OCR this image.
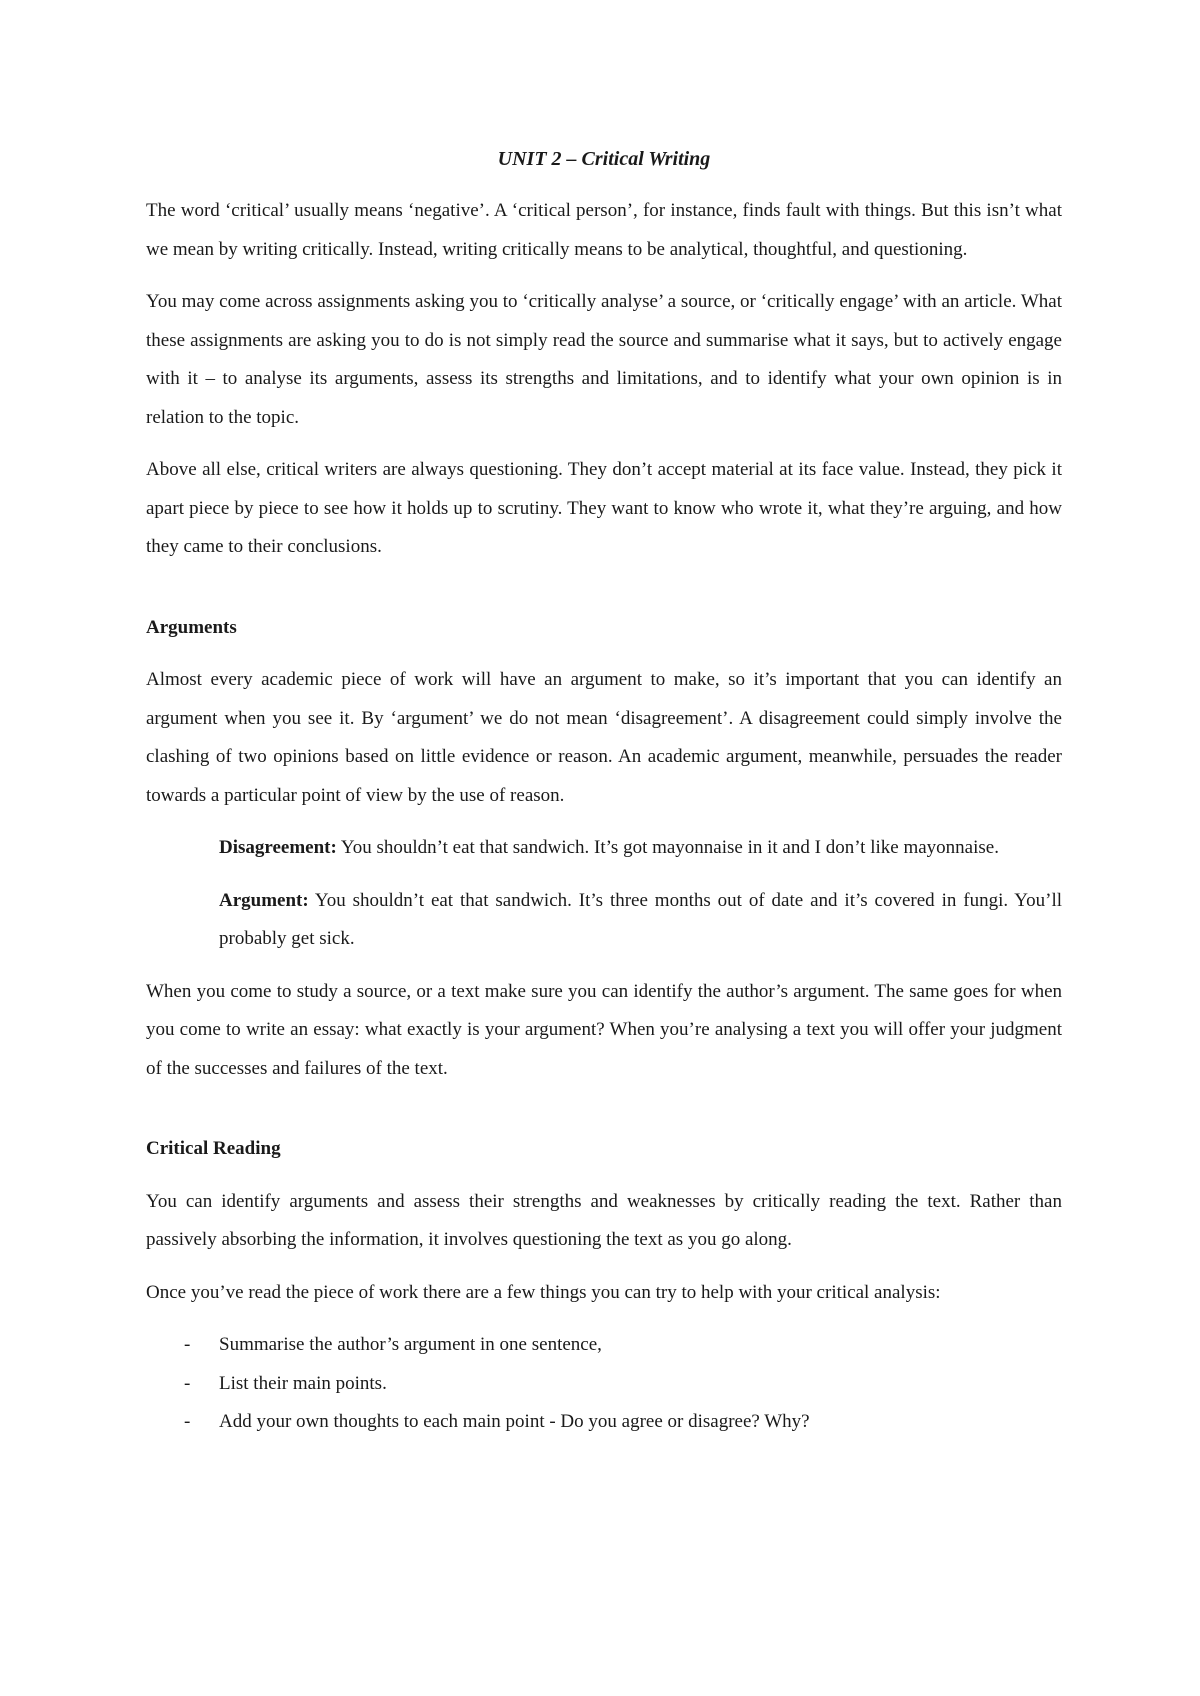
UNIT 2 – Critical Writing

The word ‘critical’ usually means ‘negative’. A ‘critical person’, for instance, finds fault with things. But this isn’t what we mean by writing critically. Instead, writing critically means to be analytical, thoughtful, and questioning.

You may come across assignments asking you to ‘critically analyse’ a source, or ‘critically engage’ with an article. What these assignments are asking you to do is not simply read the source and summarise what it says, but to actively engage with it – to analyse its arguments, assess its strengths and limitations, and to identify what your own opinion is in relation to the topic.

Above all else, critical writers are always questioning. They don’t accept material at its face value. Instead, they pick it apart piece by piece to see how it holds up to scrutiny. They want to know who wrote it, what they’re arguing, and how they came to their conclusions.

Arguments

Almost every academic piece of work will have an argument to make, so it’s important that you can identify an argument when you see it. By ‘argument’ we do not mean ‘disagreement’. A disagreement could simply involve the clashing of two opinions based on little evidence or reason. An academic argument, meanwhile, persuades the reader towards a particular point of view by the use of reason.

Disagreement: You shouldn’t eat that sandwich. It’s got mayonnaise in it and I don’t like mayonnaise.

Argument: You shouldn’t eat that sandwich. It’s three months out of date and it’s covered in fungi. You’ll probably get sick.

When you come to study a source, or a text make sure you can identify the author’s argument. The same goes for when you come to write an essay: what exactly is your argument? When you’re analysing a text you will offer your judgment of the successes and failures of the text.

Critical Reading

You can identify arguments and assess their strengths and weaknesses by critically reading the text. Rather than passively absorbing the information, it involves questioning the text as you go along.

Once you’ve read the piece of work there are a few things you can try to help with your critical analysis:

- Summarise the author’s argument in one sentence,
- List their main points.
- Add your own thoughts to each main point - Do you agree or disagree? Why?
